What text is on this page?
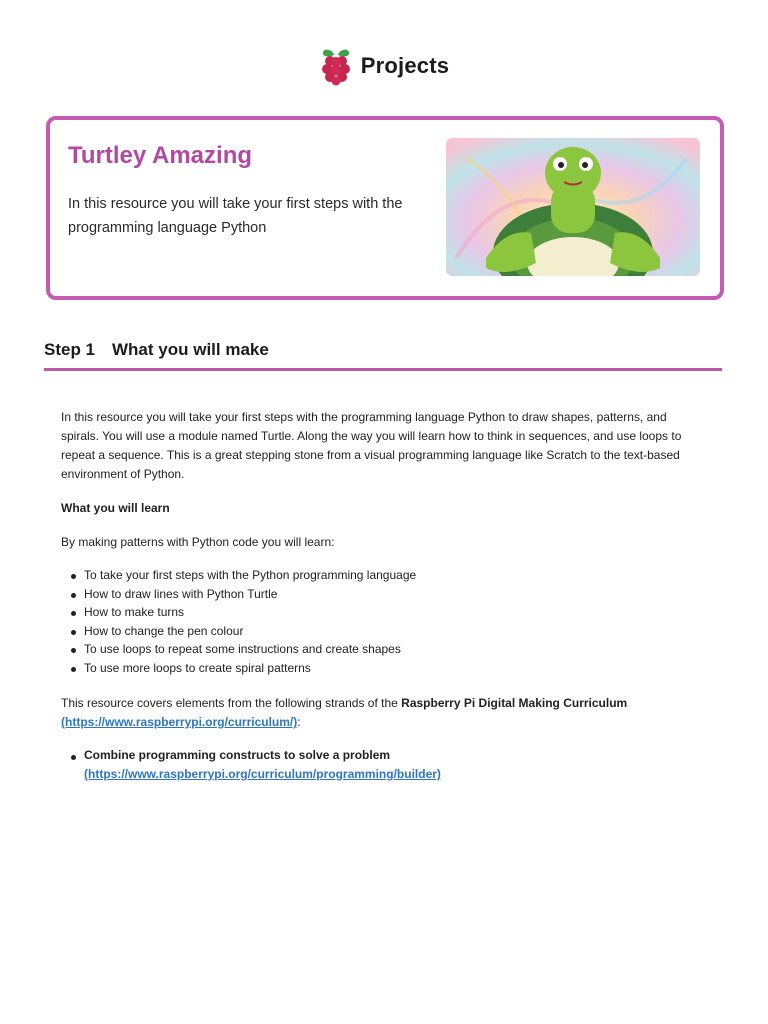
Projects
Turtley Amazing

In this resource you will take your first steps with the programming language Python

Step 1 What you will make

In this resource you will take your first steps with the programming language Python to draw shapes, patterns, and spirals. You will use a module named Turtle. Along the way you will learn how to think in sequences, and use loops to repeat a sequence. This is a great stepping stone from a visual programming language like Scratch to the text-based environment of Python.

What you will learn

By making patterns with Python code you will learn:

To take your first steps with the Python programming language
How to draw lines with Python Turtle
How to make turns
How to change the pen colour
To use loops to repeat some instructions and create shapes
To use more loops to create spiral patterns

This resource covers elements from the following strands of the Raspberry Pi Digital Making Curriculum (https://www.raspberrypi.org/curriculum/):

Combine programming constructs to solve a problem (https://www.raspberrypi.org/curriculum/programming/builder)
